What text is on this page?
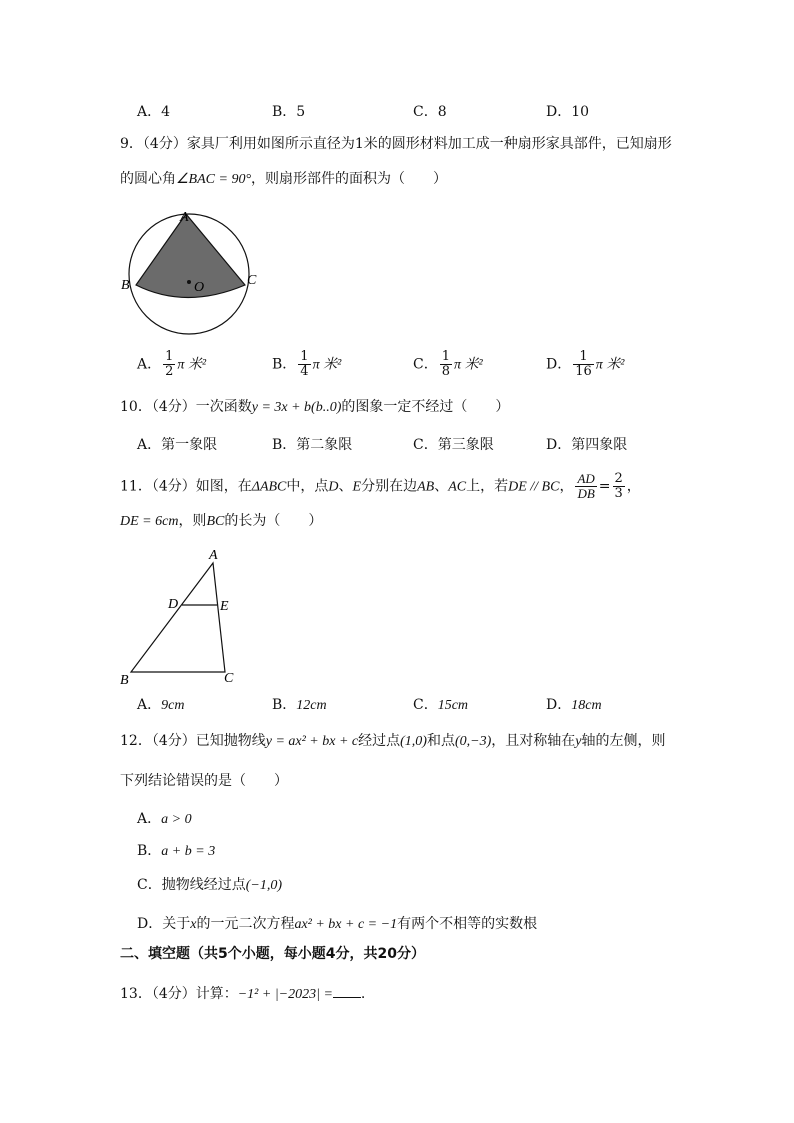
A．4	B．5	C．8	D．10
9．（4分）家具厂利用如图所示直径为1米的圆形材料加工成一种扇形家具部件，已知扇形
的圆心角∠BAC = 90°，则扇形部件的面积为（　　）
A
B	C
O
A． $\frac{1}{2}$ π 米²	B． $\frac{1}{4}$ π 米²	C． $\frac{1}{8}$ π 米²	D． $\frac{1}{16}$ π 米²
10．（4分）一次函数y = 3x + b(b..0)的图象一定不经过（　　）
A．第一象限	B．第二象限	C．第三象限	D．第四象限
11．（4分）如图，在ΔABC中，点D、E分别在边AB、AC上，若DE // BC， $\frac{AD}{DB} = \frac{2}{3}$ ，
DE = 6cm，则BC的长为（　　）
A
D	E
B	C
A．9cm	B．12cm	C．15cm	D．18cm
12．（4分）已知抛物线y = ax² + bx + c经过点(1,0)和点(0,−3)，且对称轴在y轴的左侧，则
下列结论错误的是（　　）
A．a > 0
B．a + b = 3
C．抛物线经过点(−1,0)
D．关于x的一元二次方程ax² + bx + c = −1有两个不相等的实数根
二、填空题（共5个小题，每小题4分，共20分）
13．（4分）计算：−1² + |−2023| = .
